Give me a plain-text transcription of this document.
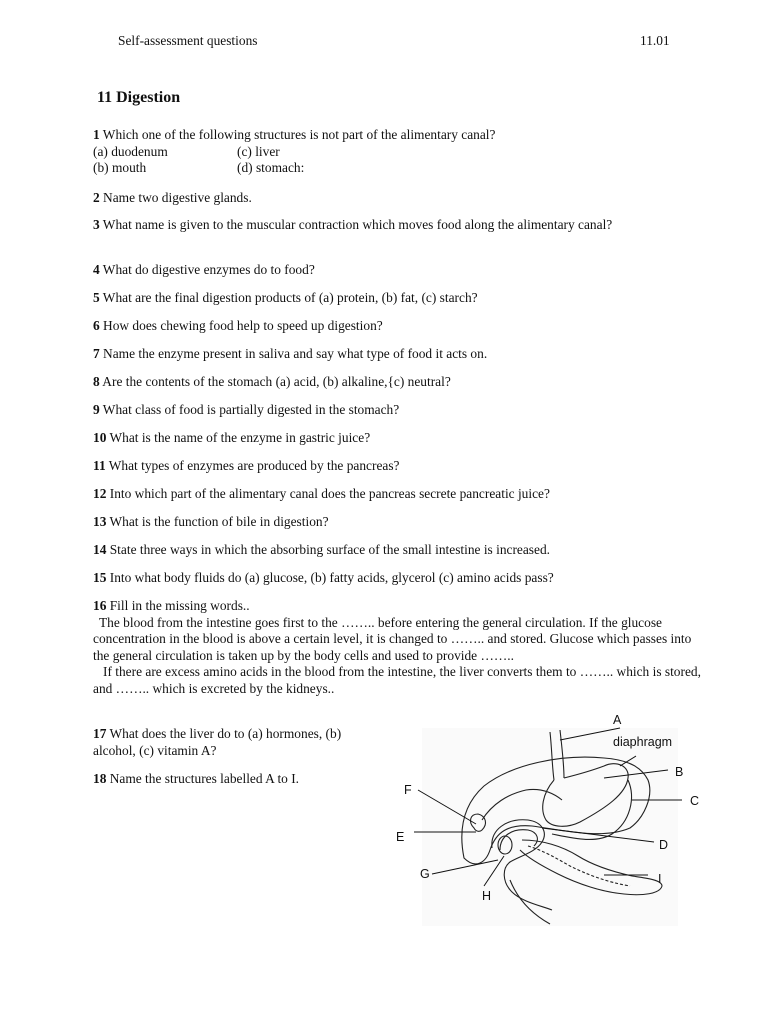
Self-assessment questions	11.01
11 Digestion
1 Which one of the following structures is not part of the alimentary canal?
(a) duodenum	(c) liver
(b) mouth	(d) stomach:
2 Name two digestive glands.
3 What name is given to the muscular contraction which moves food along the alimentary canal?
4 What do digestive enzymes do to food?
5 What are the final digestion products of (a) protein, (b) fat, (c) starch?
6 How does chewing food help to speed up digestion?
7 Name the enzyme present in saliva and say what type of food it acts on.
8 Are the contents of the stomach (a) acid, (b) alkaline,{c) neutral?
9 What class of food is partially digested in the stomach?
10 What is the name of the enzyme in gastric juice?
11 What types of enzymes are produced by the pancreas?
12 Into which part of the alimentary canal does the pancreas secrete pancreatic juice?
13 What is the function of bile in digestion?
14 State three ways in which the absorbing surface of the small intestine is increased.
15 Into what body fluids do (a) glucose, (b) fatty acids, glycerol (c) amino acids pass?
16 Fill in the missing words..
The blood from the intestine goes first to the …….. before entering the general circulation. If the glucose concentration in the blood is above a certain level, it is changed to …….. and stored. Glucose which passes into the general circulation is taken up by the body cells and used to provide ……..
If there are excess amino acids in the blood from the intestine, the liver converts them to …….. which is stored, and …….. which is excreted by the kidneys..
17 What does the liver do to (a) hormones, (b) alcohol, (c) vitamin A?
18 Name the structures labelled A to I.
A
diaphragm
B
C
D
E
F
G
H
I
